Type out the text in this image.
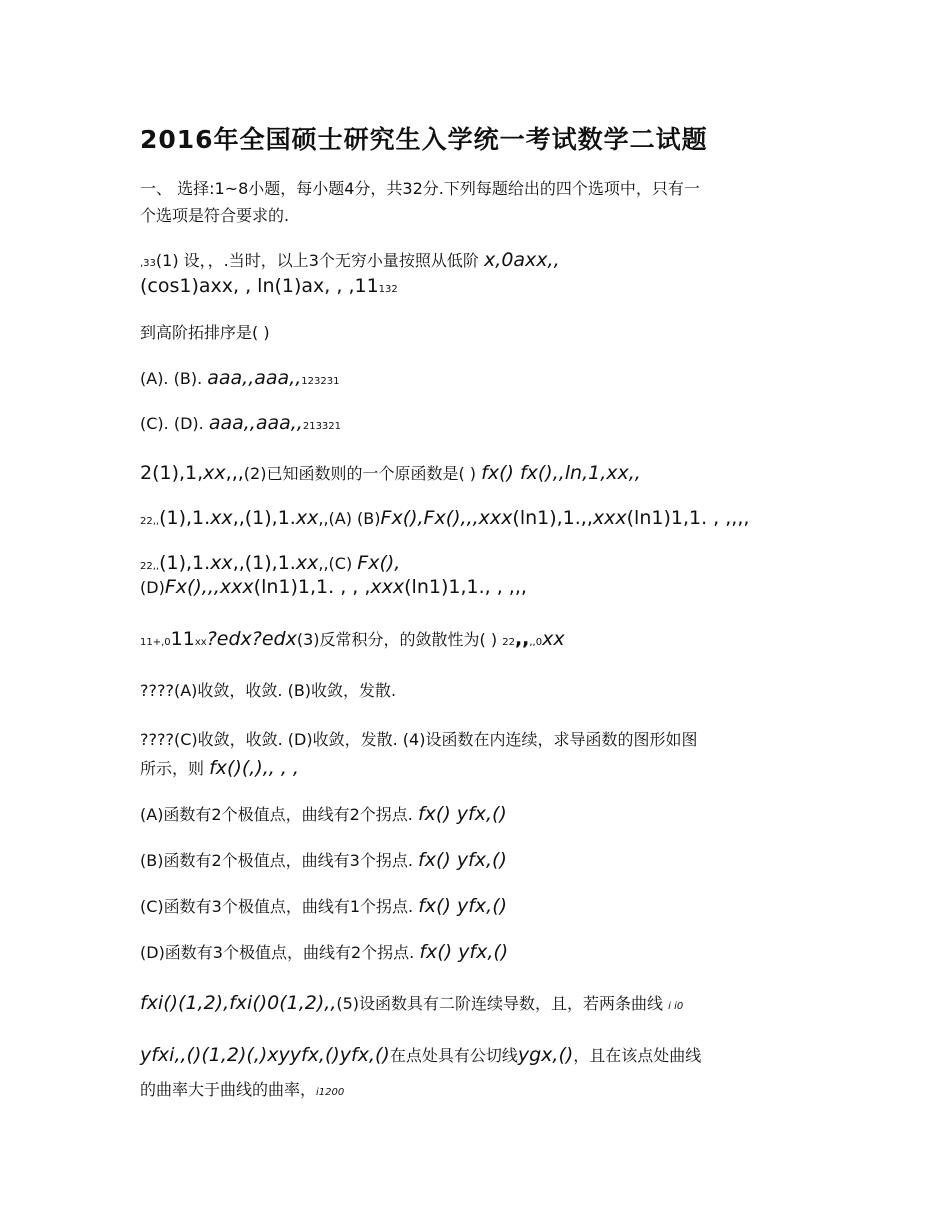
2016年全国硕士研究生入学统一考试数学二试题
一、 选择:1~8小题，每小题4分，共32分.下列每题给出的四个选项中，只有一
个选项是符合要求的.
,33(1) 设，，.当时，以上3个无穷小量按照从低阶 x,0axx,,
(cos1)axx, , ln(1)ax, , ,11132
到高阶拓排序是( )
(A). (B). aaa,,aaa,,123231
(C). (D). aaa,,aaa,,213321
2(1),1,xx,,,(2)已知函数则的一个原函数是( ) fx() fx(),,ln,1,xx,,
22,,(1),1.xx,,(1),1.xx,,(A) (B)Fx(),Fx(),,,xxx(ln1),1.,,xxx(ln1)1,1. , ,,,,
22,,(1),1.xx,,(1),1.xx,,(C) Fx(),
(D)Fx(),,,xxx(ln1)1,1. , , ,xxx(ln1)1,1., , ,,,
11+,011xx?edx?edx(3)反常积分，的敛散性为( ) 22,,,,0xx
????(A)收敛，收敛. (B)收敛，发散.
????(C)收敛，收敛. (D)收敛，发散. (4)设函数在内连续，求导函数的图形如图
所示，则 fx()(,),, , ,
(A)函数有2个极值点，曲线有2个拐点. fx() yfx,()
(B)函数有2个极值点，曲线有3个拐点. fx() yfx,()
(C)函数有3个极值点，曲线有1个拐点. fx() yfx,()
(D)函数有3个极值点，曲线有2个拐点. fx() yfx,()
fxi()(1,2),fxi()0(1,2),,(5)设函数具有二阶连续导数，且，若两条曲线 i i0
yfxi,,()(1,2)(,)xyyfx,()yfx,()在点处具有公切线ygx,()，且在该点处曲线
的曲率大于曲线的曲率，i1200
